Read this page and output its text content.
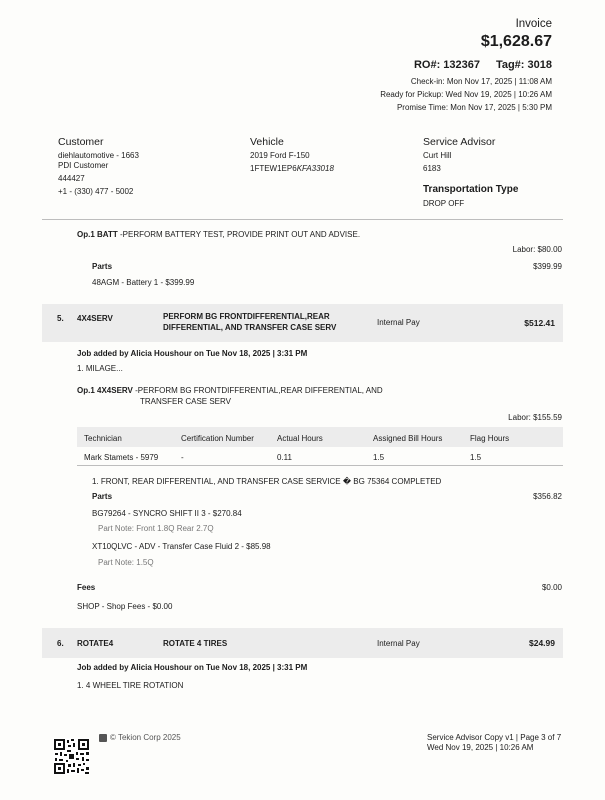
Invoice
$1,628.67
RO#: 132367 Tag#: 3018
Check-in: Mon Nov 17, 2025 | 11:08 AM
Ready for Pickup: Wed Nov 19, 2025 | 10:26 AM
Promise Time: Mon Nov 17, 2025 | 5:30 PM
Customer
diehlautomotive - 1663
PDI Customer
444427
+1 - (330) 477 - 5002
Vehicle
2019 Ford F-150
1FTEW1EP6KFA33018
Service Advisor
Curt Hill
6183
Transportation Type
DROP OFF
Op.1 BATT -PERFORM BATTERY TEST, PROVIDE PRINT OUT AND ADVISE.
Labor: $80.00
Parts	$399.99
48AGM - Battery 1 - $399.99
5. 4X4SERV	PERFORM BG FRONTDIFFERENTIAL,REAR
DIFFERENTIAL, AND TRANSFER CASE SERV
Internal Pay	$512.41
Job added by Alicia Houshour on Tue Nov 18, 2025 | 3:31 PM
1. MILAGE...
Op.1 4X4SERV -PERFORM BG FRONTDIFFERENTIAL,REAR DIFFERENTIAL, AND
TRANSFER CASE SERV
Labor: $155.59
Technician	Certification Number	Actual Hours	Assigned Bill Hours	Flag Hours
Mark Stamets - 5979	-	0.11	1.5	1.5
1. FRONT, REAR DIFFERENTIAL, AND TRANSFER CASE SERVICE � BG 75364 COMPLETED
Parts	$356.82
BG79264 - SYNCRO SHIFT II 3 - $270.84
Part Note: Front 1.8Q Rear 2.7Q
XT10QLVC - ADV - Transfer Case Fluid 2 - $85.98
Part Note: 1.5Q
Fees	$0.00
SHOP - Shop Fees - $0.00
6. ROTATE4	ROTATE 4 TIRES	Internal Pay	$24.99
Job added by Alicia Houshour on Tue Nov 18, 2025 | 3:31 PM
1. 4 WHEEL TIRE ROTATION
© Tekion Corp 2025	Service Advisor Copy v1 | Page 3 of 7
Wed Nov 19, 2025 | 10:26 AM
